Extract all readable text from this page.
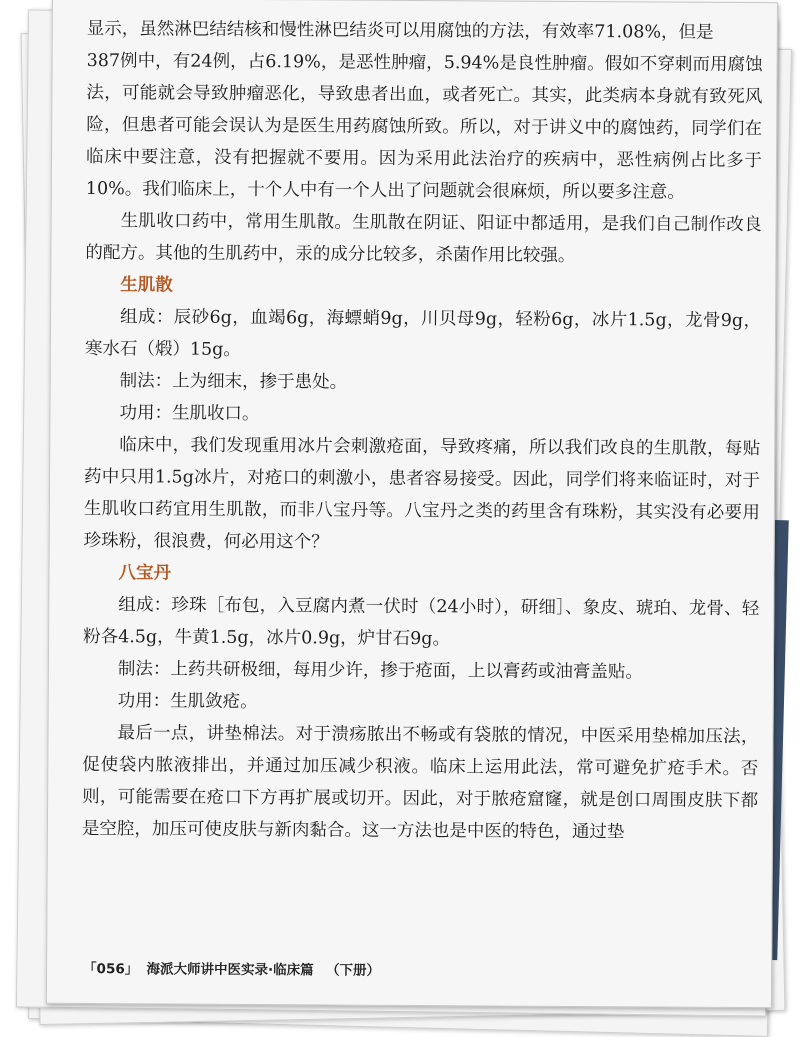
显示，虽然淋巴结结核和慢性淋巴结炎可以用腐蚀的方法，有效率71.08%，但是

387例中，有24例，占6.19%，是恶性肿瘤，5.94%是良性肿瘤。假如不穿刺而用腐蚀法，可能就会导致肿瘤恶化，导致患者出血，或者死亡。其实，此类病本身就有致死风险，但患者可能会误认为是医生用药腐蚀所致。所以，对于讲义中的腐蚀药，同学们在临床中要注意，没有把握就不要用。因为采用此法治疗的疾病中，恶性病例占比多于10%。我们临床上，十个人中有一个人出了问题就会很麻烦，所以要多注意。

生肌收口药中，常用生肌散。生肌散在阴证、阳证中都适用，是我们自己制作改良的配方。其他的生肌药中，汞的成分比较多，杀菌作用比较强。

生肌散

组成：辰砂6g，血竭6g，海螵蛸9g，川贝母9g，轻粉6g，冰片1.5g，龙骨9g，寒水石（煅）15g。

制法：上为细末，掺于患处。

功用：生肌收口。

临床中，我们发现重用冰片会刺激疮面，导致疼痛，所以我们改良的生肌散，每贴药中只用1.5g冰片，对疮口的刺激小，患者容易接受。因此，同学们将来临证时，对于生肌收口药宜用生肌散，而非八宝丹等。八宝丹之类的药里含有珠粉，其实没有必要用珍珠粉，很浪费，何必用这个？

八宝丹

组成：珍珠［布包，入豆腐内煮一伏时（24小时），研细］、象皮、琥珀、龙骨、轻粉各4.5g，牛黄1.5g，冰片0.9g，炉甘石9g。

制法：上药共研极细，每用少许，掺于疮面，上以膏药或油膏盖贴。

功用：生肌敛疮。

最后一点，讲垫棉法。对于溃疡脓出不畅或有袋脓的情况，中医采用垫棉加压法，促使袋内脓液排出，并通过加压减少积液。临床上运用此法，常可避免扩疮手术。否则，可能需要在疮口下方再扩展或切开。因此，对于脓疮窟窿，就是创口周围皮肤下都是空腔，加压可使皮肤与新肉黏合。这一方法也是中医的特色，通过垫

「056」 海派大师讲中医实录·临床篇 （下册）
